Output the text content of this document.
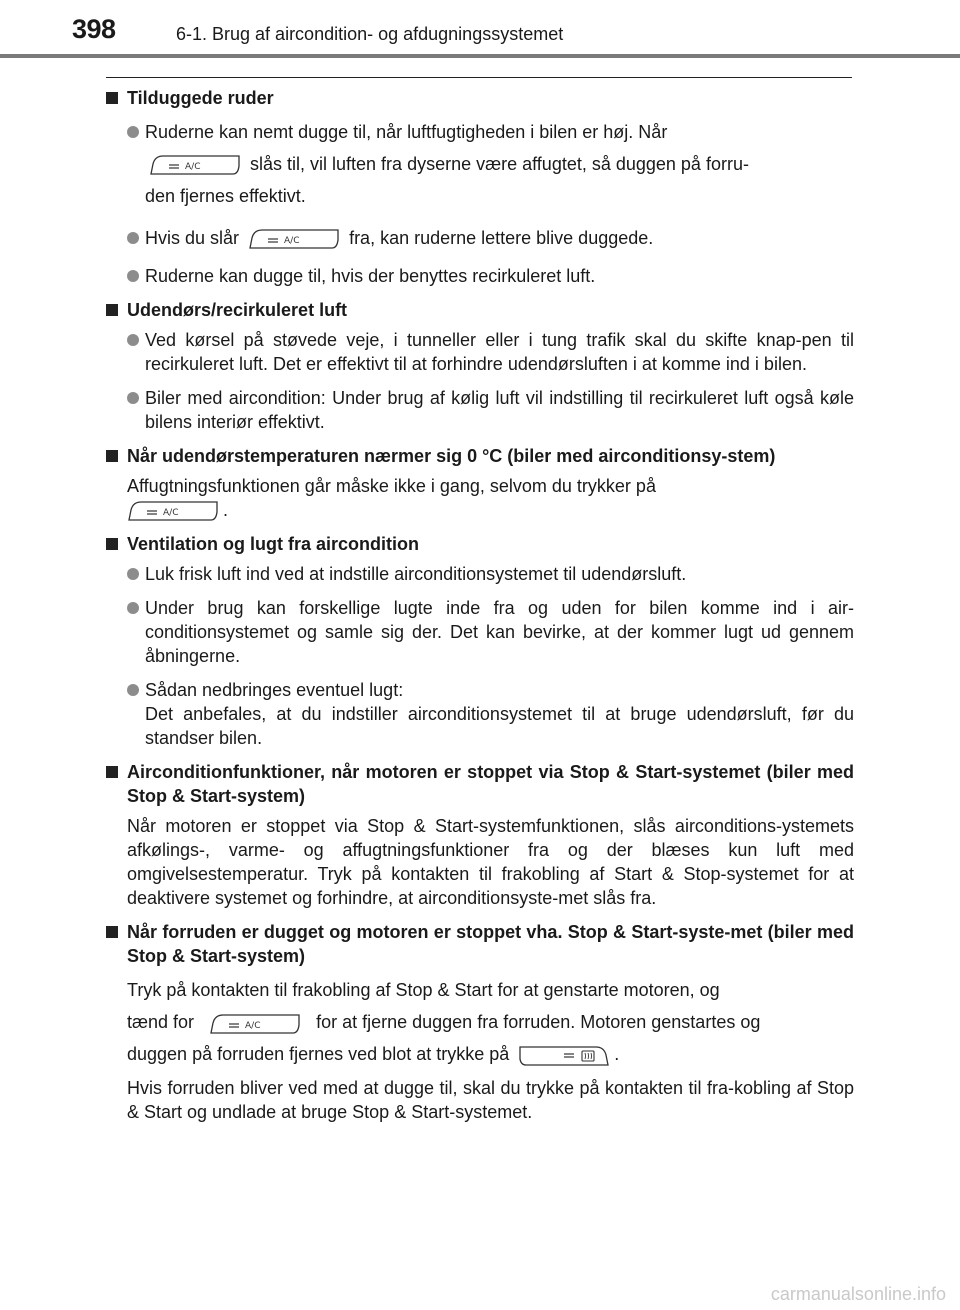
398	6-1. Brug af aircondition- og afdugningssystemet
Tilduggede ruder
Ruderne kan nemt dugge til, når luftfugtigheden i bilen er høj. Når

A/C	slås til, vil luften fra dyserne være affugtet, så duggen på forru-
den fjernes effektivt.
Hvis du slår	A/C	fra, kan ruderne lettere blive duggede.
Ruderne kan dugge til, hvis der benyttes recirkuleret luft.
Udendørs/recirkuleret luft
Ved kørsel på støvede veje, i tunneller eller i tung trafik skal du skifte knap-pen til recirkuleret luft. Det er effektivt til at forhindre udendørsluften i at komme ind i bilen.
Biler med aircondition: Under brug af kølig luft vil indstilling til recirkuleret luft også køle bilens interiør effektivt.
Når udendørstemperaturen nærmer sig 0 °C (biler med airconditionsy-stem)
Affugtningsfunktionen går måske ikke i gang, selvom du trykker på

A/C .
Ventilation og lugt fra aircondition
Luk frisk luft ind ved at indstille airconditionsystemet til udendørsluft.
Under brug kan forskellige lugte inde fra og uden for bilen komme ind i air-conditionsystemet og samle sig der. Det kan bevirke, at der kommer lugt ud gennem åbningerne.
Sådan nedbringes eventuel lugt:
Det anbefales, at du indstiller airconditionsystemet til at bruge udendørsluft, før du standser bilen.
Airconditionfunktioner, når motoren er stoppet via Stop & Start-systemet (biler med Stop & Start-system)
Når motoren er stoppet via Stop & Start-systemfunktionen, slås airconditions-ystemets afkølings-, varme- og affugtningsfunktioner fra og der blæses kun luft med omgivelsestemperatur. Tryk på kontakten til frakobling af Start & Stop-systemet for at deaktivere systemet og forhindre, at airconditionsyste-met slås fra.
Når forruden er dugget og motoren er stoppet vha. Stop & Start-syste-met (biler med Stop & Start-system)
Tryk på kontakten til frakobling af Stop & Start for at genstarte motoren, og
tænd for	A/C	for at fjerne duggen fra forruden. Motoren genstartes og
duggen på forruden fjernes ved blot at trykke på	.
Hvis forruden bliver ved med at dugge til, skal du trykke på kontakten til fra-kobling af Stop & Start og undlade at bruge Stop & Start-systemet.
carmanualsonline.info
